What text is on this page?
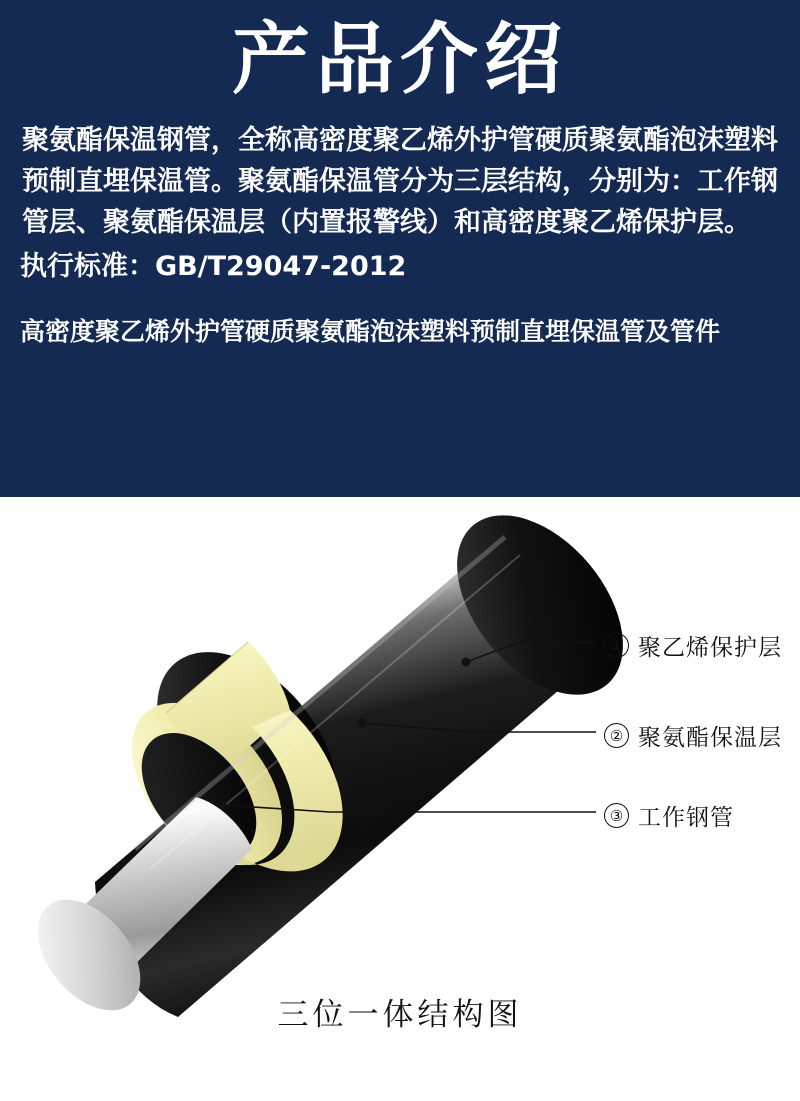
产品介绍

聚氨酯保温钢管，全称高密度聚乙烯外护管硬质聚氨酯泡沫塑料预制直埋保温管。聚氨酯保温管分为三层结构，分别为：工作钢管层、聚氨酯保温层（内置报警线）和高密度聚乙烯保护层。

执行标准：GB/T29047-2012

高密度聚乙烯外护管硬质聚氨酯泡沫塑料预制直埋保温管及管件

① 聚乙烯保护层
② 聚氨酯保温层
③ 工作钢管
三位一体结构图
